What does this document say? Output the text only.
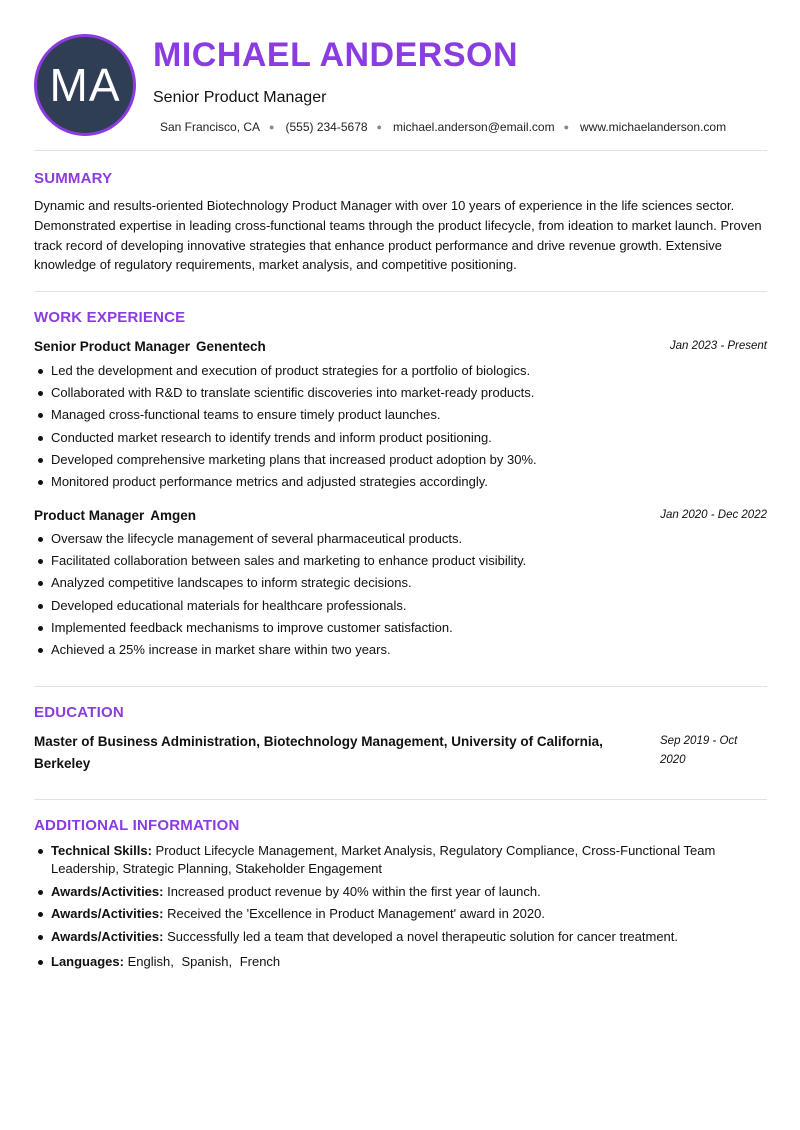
MA
MICHAEL ANDERSON
Senior Product Manager
San Francisco, CA ● (555) 234-5678 ● michael.anderson@email.com ● www.michaelanderson.com
SUMMARY

Dynamic and results-oriented Biotechnology Product Manager with over 10 years of experience in the life sciences sector. Demonstrated expertise in leading cross-functional teams through the product lifecycle, from ideation to market launch. Proven track record of developing innovative strategies that enhance product performance and drive revenue growth. Extensive knowledge of regulatory requirements, market analysis, and competitive positioning.

WORK EXPERIENCE
Senior Product Manager Genentech	Jan 2023 - Present
Led the development and execution of product strategies for a portfolio of biologics.
Collaborated with R&D to translate scientific discoveries into market-ready products.
Managed cross-functional teams to ensure timely product launches.
Conducted market research to identify trends and inform product positioning.
Developed comprehensive marketing plans that increased product adoption by 30%.
Monitored product performance metrics and adjusted strategies accordingly.
Product Manager Amgen	Jan 2020 - Dec 2022
Oversaw the lifecycle management of several pharmaceutical products.
Facilitated collaboration between sales and marketing to enhance product visibility.
Analyzed competitive landscapes to inform strategic decisions.
Developed educational materials for healthcare professionals.
Implemented feedback mechanisms to improve customer satisfaction.
Achieved a 25% increase in market share within two years.
EDUCATION

Master of Business Administration, Biotechnology Management, University of California, Berkeley

Sep 2019 - Oct 2020
ADDITIONAL INFORMATION
Technical Skills: Product Lifecycle Management, Market Analysis, Regulatory Compliance, Cross-Functional Team Leadership, Strategic Planning, Stakeholder Engagement
Awards/Activities: Increased product revenue by 40% within the first year of launch.
Awards/Activities: Received the 'Excellence in Product Management' award in 2020.
Awards/Activities: Successfully led a team that developed a novel therapeutic solution for cancer treatment.
Languages: English, Spanish, French
